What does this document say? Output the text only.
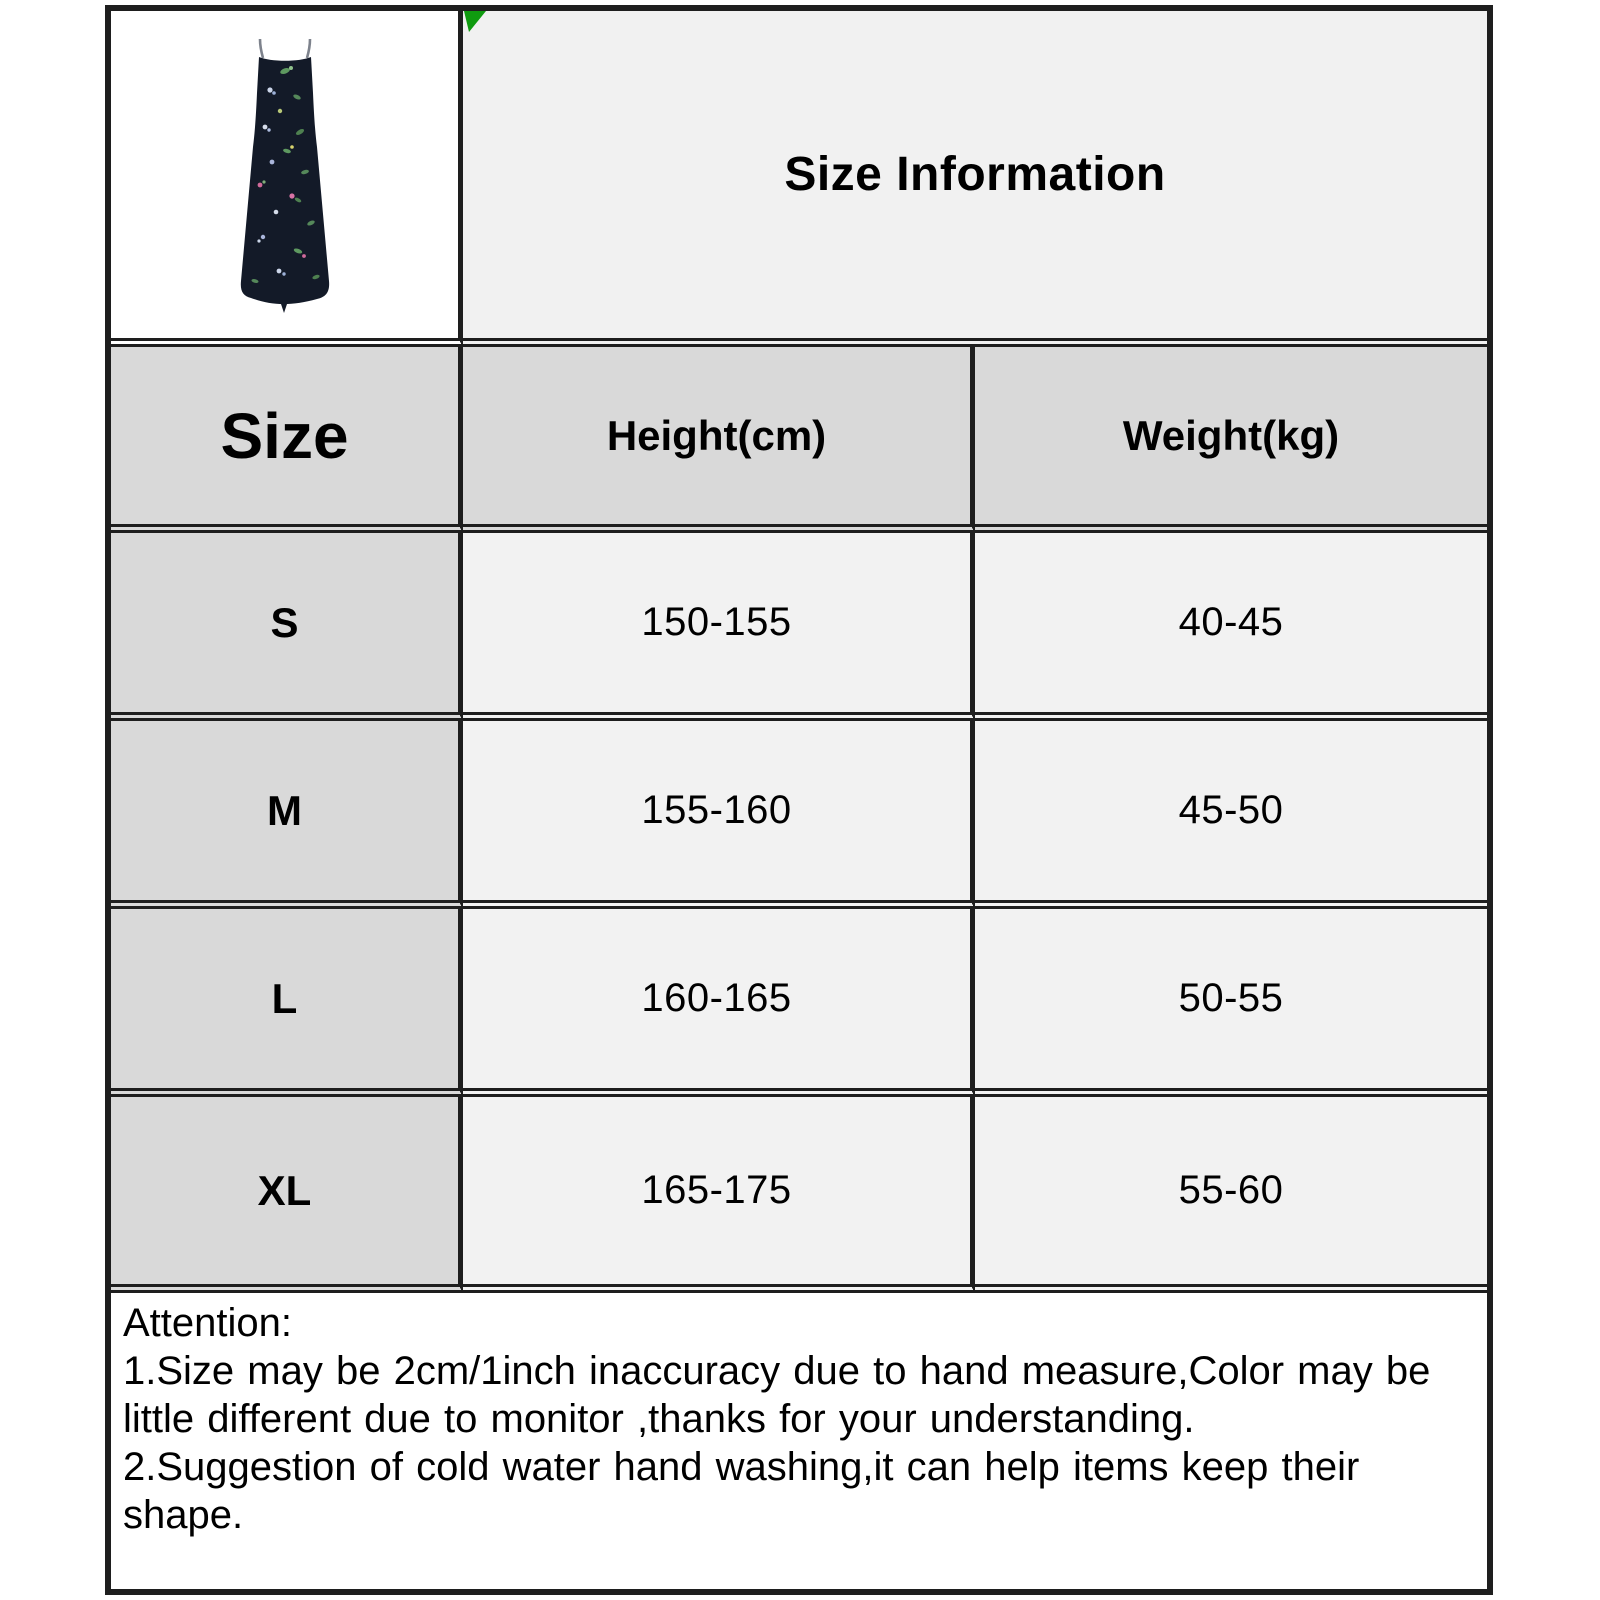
Size Information
Size	Height(cm)	Weight(kg)
S	150-155	40-45
M	155-160	45-50
L	160-165	50-55
XL	165-175	55-60

Attention:

1.Size may be 2cm/1inch inaccuracy due to hand measure,Color may be little different due to monitor ,thanks for your understanding.

2.Suggestion of cold water hand washing,it can help items keep their shape.
